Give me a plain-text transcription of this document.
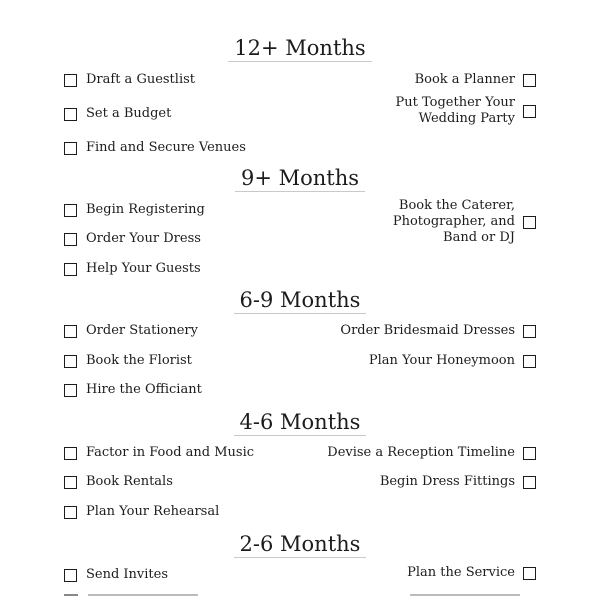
12+ Months
Draft a Guestlist
Set a Budget
Find and Secure Venues
Book a Planner
Put Together Your
Wedding Party
9+ Months
Begin Registering
Order Your Dress
Help Your Guests
Book the Caterer,
Photographer, and
Band or DJ
6-9 Months
Order Stationery
Book the Florist
Hire the Officiant
Order Bridesmaid Dresses
Plan Your Honeymoon
4-6 Months
Factor in Food and Music
Book Rentals
Plan Your Rehearsal
Devise a Reception Timeline
Begin Dress Fittings
2-6 Months
Send Invites	Plan the Service
